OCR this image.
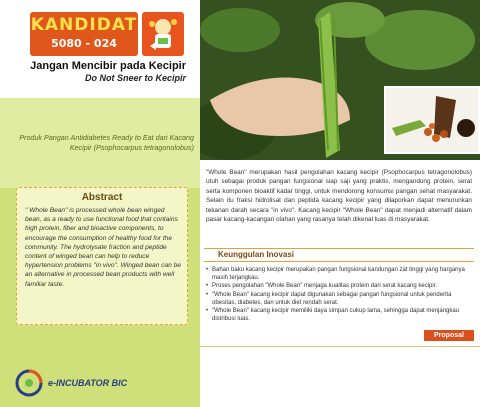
KANDIDAT
5080 - 024
Jangan Mencibir pada Kecipir
Do Not Sneer to Kecipir
Produk Pangan Antidiabetes Ready to Eat dari Kacang Kecipir (Psophocarpus tetragonolobus)
Abstract
" Whole Bean" is processed whole bean winged bean, as a ready to use functional food that contains high protein, fiber and bioactive components, to encourage the consumption of healthy food for the community. The hydrolysate fraction and peptide content of winged bean can help to reduce hypertension problems "in vivo". Winged bean can be an alternative in processed bean products with well familiar taste.
"Whole Bean" merupakan hasil pengolahan kacang kecipir (Psophocarpus tetragonolobus) utuh sebagai produk pangan fungsional siap saji yang praktis, mengandung protein, serat serta komponen bioaktif kadar tinggi, untuk mendorong konsumsi pangan sehat masyarakat. Selain itu fraksi hidrolisat dan peptida kacang kecipir yang dilaporkan dapat menurunkan tekanan darah secara "in vivo". Kacang kecipir "Whole Bean" dapat menjadi alternatif dalam pasar kacang-kacangan olahan yang rasanya telah dikenal luas di masyarakat.
Keunggulan Inovasi
• Bahan baku kacang kecipir merupakan pangan fungsional kandungan zat tinggi yang harganya masih terjangkau.
• Proses pengolahan "Whole Bean" menjaga kualitas protein dari serat kacang kecipir.
• "Whole Bean" kacang kecipir dapat digunakan sebagai pangan fungsional untuk penderita obesitas, diabetes, dan untuk diet rendah serat.
• "Whole Bean" kacang kecipir memiliki daya simpan cukup lama, sehingga dapat menjangkau distribusi luas.
Proposal
e-INCUBATOR BIC
